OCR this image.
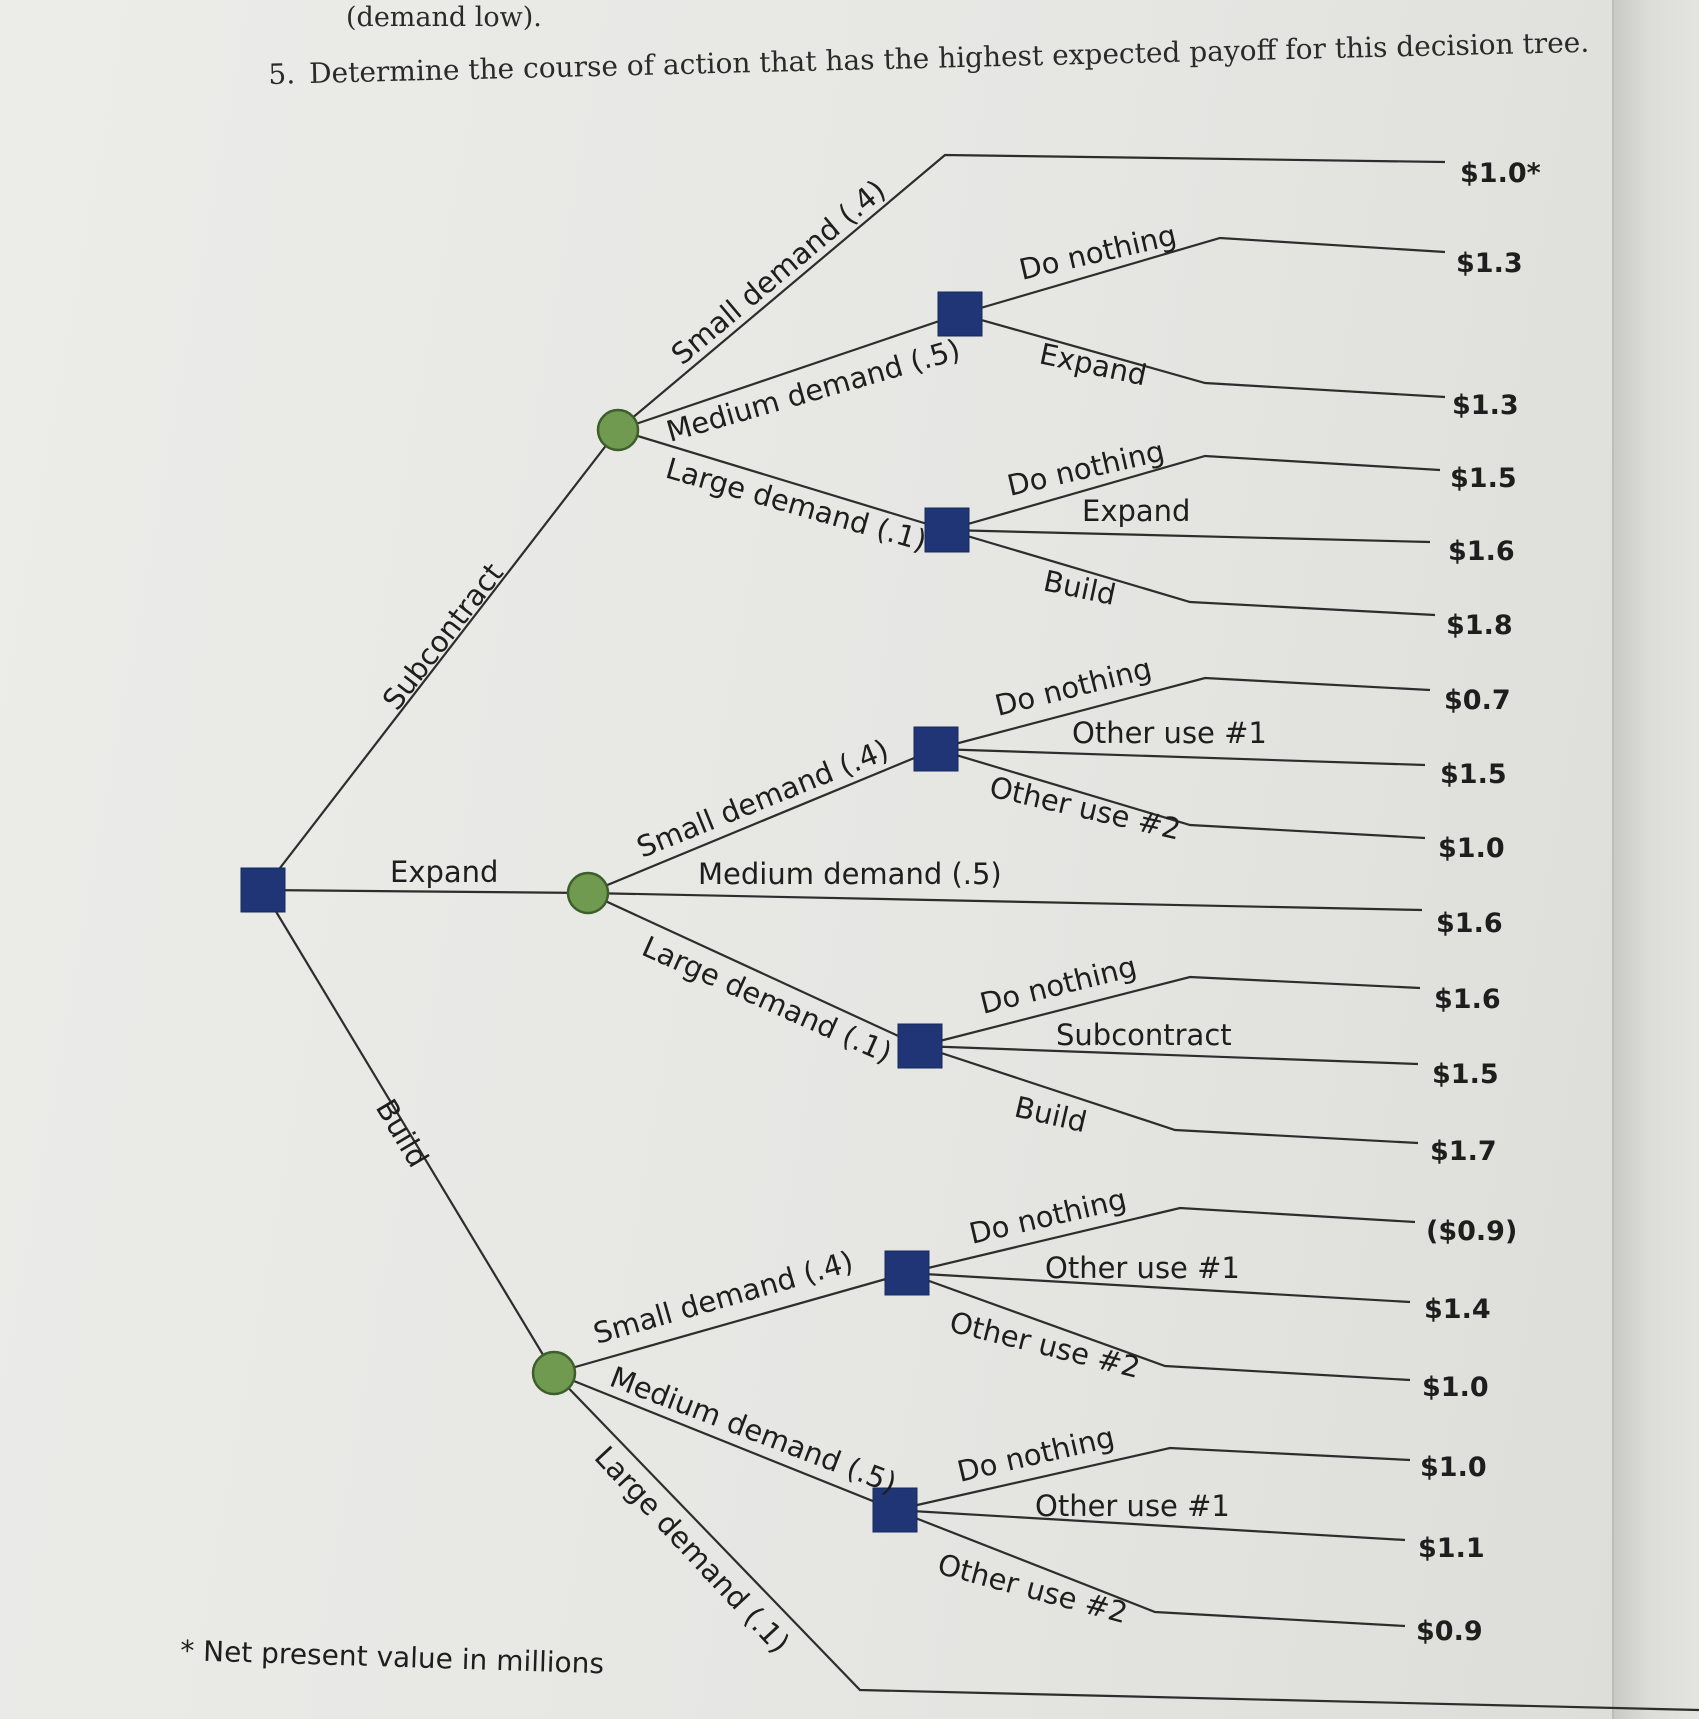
(demand low).
5. Determine the course of action that has the highest expected payoff for this decision tree.
Subcontract
Expand
Build
Small demand (.4)
Medium demand (.5)
Large demand (.1)
Do nothing
Expand
Do nothing
Expand
Build
Small demand (.4)
Medium demand (.5)
Large demand (.1)
Do nothing
Other use #1
Other use #2
Do nothing
Subcontract
Build
Small demand (.4)
Medium demand (.5)
Large demand (.1)
Do nothing
Other use #1
Other use #2
Do nothing
Other use #1
Other use #2
$1.0*
$1.3
$1.3
$1.5
$1.6
$1.8
$0.7
$1.5
$1.0
$1.6
$1.6
$1.5
$1.7
($0.9)
$1.4
$1.0
$1.0
$1.1
$0.9
* Net present value in millions
